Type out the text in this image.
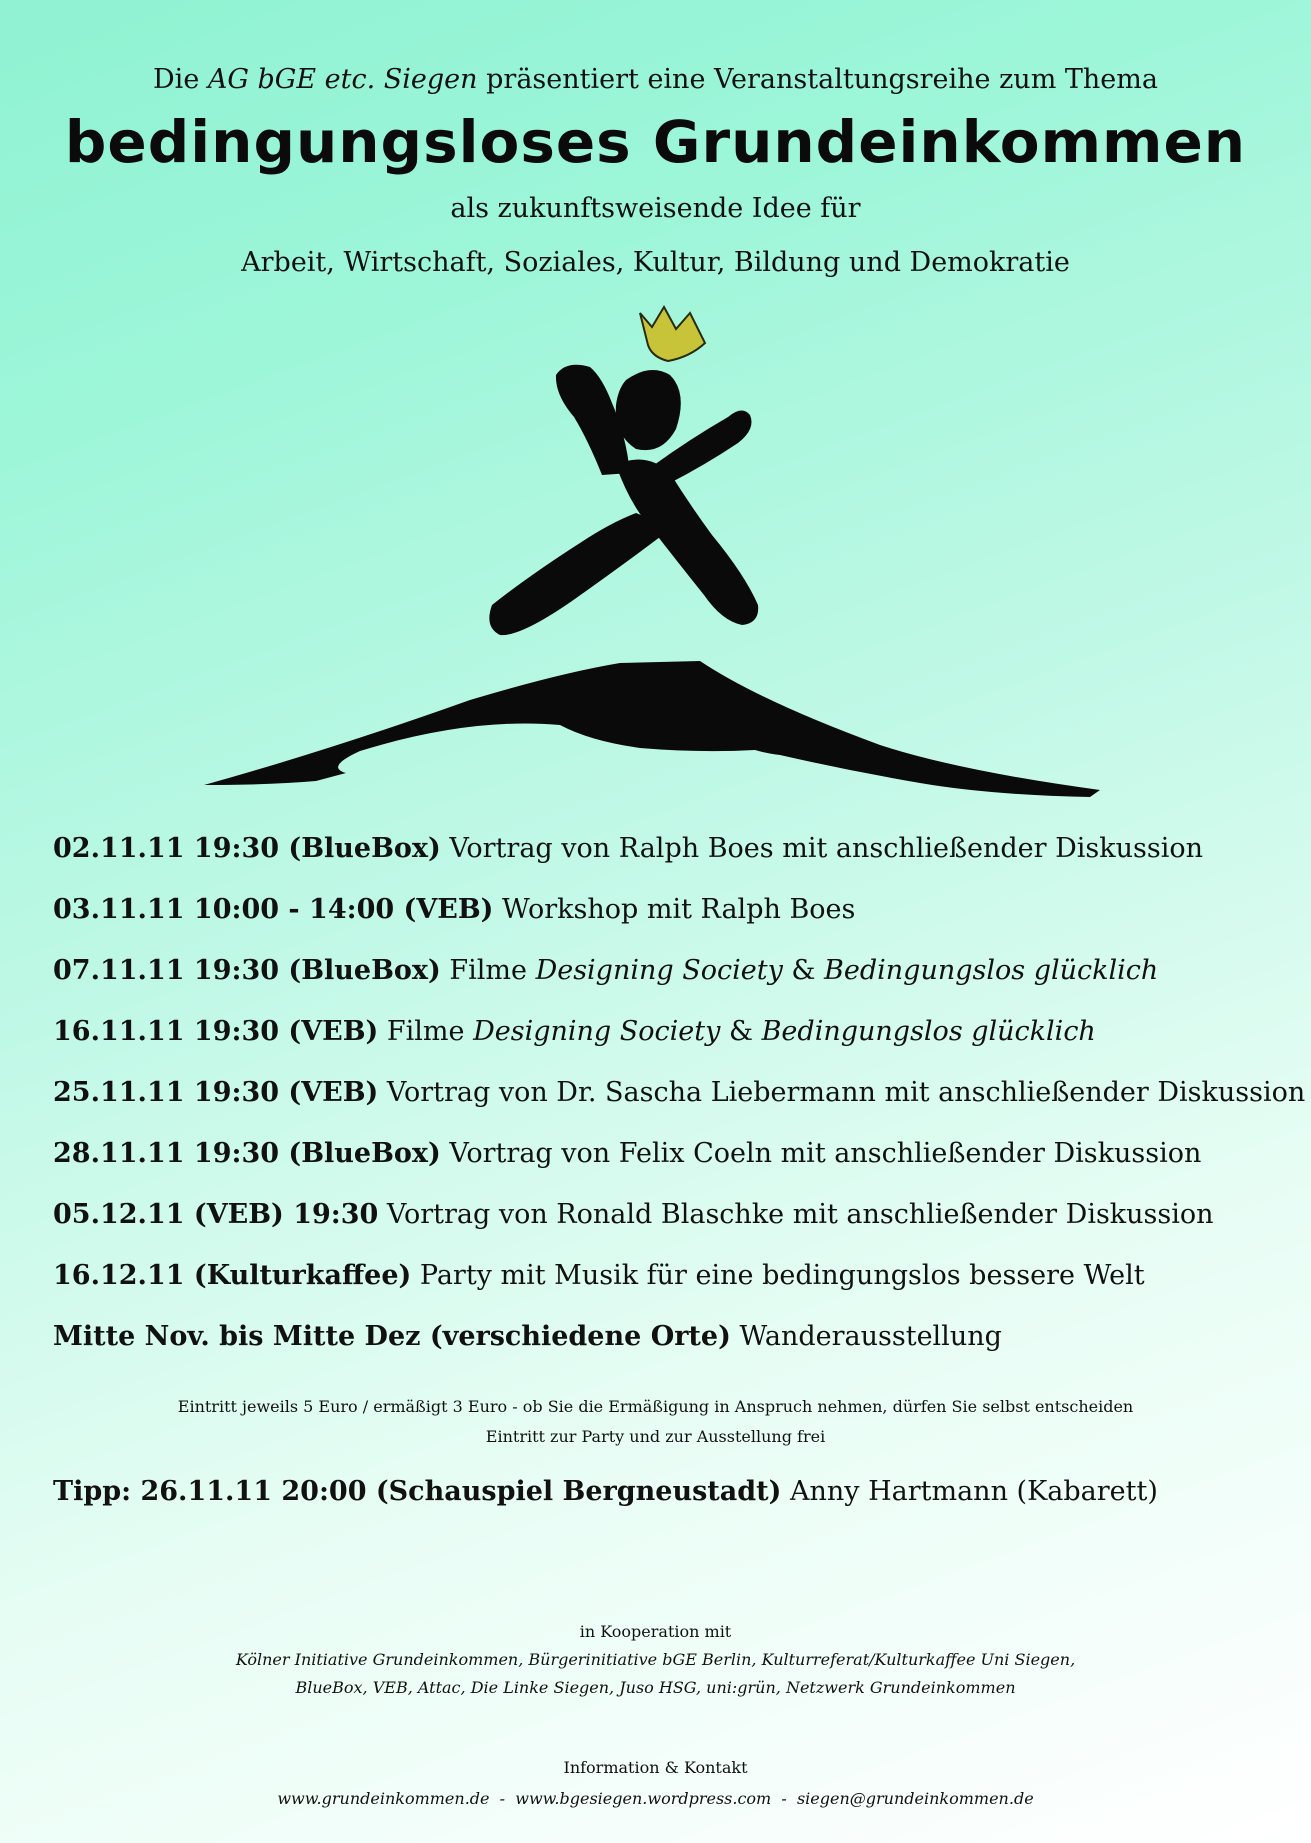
Die AG bGE etc. Siegen präsentiert eine Veranstaltungsreihe zum Thema
bedingungsloses Grundeinkommen
als zukunftsweisende Idee für
Arbeit, Wirtschaft, Soziales, Kultur, Bildung und Demokratie
02.11.11 19:30 (BlueBox) Vortrag von Ralph Boes mit anschließender Diskussion
03.11.11 10:00 - 14:00 (VEB) Workshop mit Ralph Boes
07.11.11 19:30 (BlueBox) Filme Designing Society & Bedingungslos glücklich
16.11.11 19:30 (VEB) Filme Designing Society & Bedingungslos glücklich
25.11.11 19:30 (VEB) Vortrag von Dr. Sascha Liebermann mit anschließender Diskussion
28.11.11 19:30 (BlueBox) Vortrag von Felix Coeln mit anschließender Diskussion
05.12.11 (VEB) 19:30 Vortrag von Ronald Blaschke mit anschließender Diskussion
16.12.11 (Kulturkaffee) Party mit Musik für eine bedingungslos bessere Welt
Mitte Nov. bis Mitte Dez (verschiedene Orte) Wanderausstellung
Eintritt jeweils 5 Euro / ermäßigt 3 Euro - ob Sie die Ermäßigung in Anspruch nehmen, dürfen Sie selbst entscheiden
Eintritt zur Party und zur Ausstellung frei
Tipp: 26.11.11 20:00 (Schauspiel Bergneustadt) Anny Hartmann (Kabarett)
in Kooperation mit
Kölner Initiative Grundeinkommen, Bürgerinitiative bGE Berlin, Kulturreferat/Kulturkaffee Uni Siegen,
BlueBox, VEB, Attac, Die Linke Siegen, Juso HSG, uni:grün, Netzwerk Grundeinkommen
Information & Kontakt
www.grundeinkommen.de  -  www.bgesiegen.wordpress.com  -  siegen@grundeinkommen.de
